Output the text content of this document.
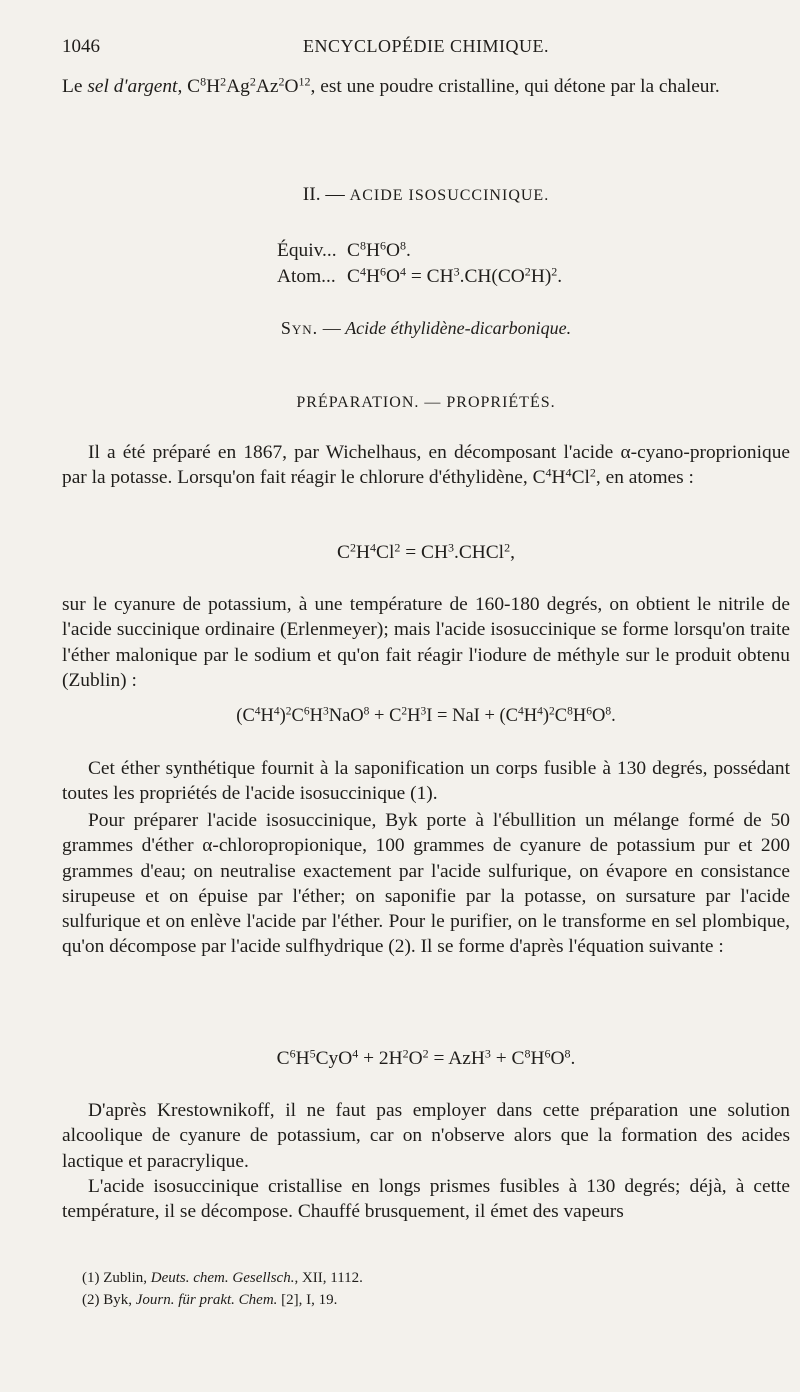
1046	ENCYCLOPÉDIE CHIMIQUE.
Le sel d'argent, $C^8H^2Ag^2Az^2O^{12}$, est une poudre cristalline, qui détone par la chaleur.
II. — ACIDE ISOSUCCINIQUE.
Équiv...	$C^8H^6O^8$.
Atom...	$C^4H^6O^4 = CH^3.CH(CO^2H)^2$.
Syn. — Acide éthylidène-dicarbonique.
PRÉPARATION. — PROPRIÉTÉS.
Il a été préparé en 1867, par Wichelhaus, en décomposant l'acide α-cyano-proprionique par la potasse. Lorsqu'on fait réagir le chlorure d'éthylidène, $C^4H^4Cl^2$, en atomes :
$C^2H^4Cl^2$ = $CH^3.CHCl^2$,
sur le cyanure de potassium, à une température de 160-180 degrés, on obtient le nitrile de l'acide succinique ordinaire (Erlenmeyer); mais l'acide isosuccinique se forme lorsqu'on traite l'éther malonique par le sodium et qu'on fait réagir l'iodure de méthyle sur le produit obtenu (Zublin) :
$(C^4H^4)^2C^6H^3NaO^8 + C^2H^3I$ = NaI + $(C^4H^4)^2C^8H^6O^8$.
Cet éther synthétique fournit à la saponification un corps fusible à 130 degrés, possédant toutes les propriétés de l'acide isosuccinique (1).
Pour préparer l'acide isosuccinique, Byk porte à l'ébullition un mélange formé de 50 grammes d'éther α-chloropropionique, 100 grammes de cyanure de potassium pur et 200 grammes d'eau; on neutralise exactement par l'acide sulfurique, on évapore en consistance sirupeuse et on épuise par l'éther; on saponifie par la potasse, on sursature par l'acide sulfurique et on enlève l'acide par l'éther. Pour le purifier, on le transforme en sel plombique, qu'on décompose par l'acide sulfhydrique (2). Il se forme d'après l'équation suivante :
$C^6H^5CyO^4 + 2H^2O^2 = AzH^3 + C^8H^6O^8$.
D'après Krestownikoff, il ne faut pas employer dans cette préparation une solution alcoolique de cyanure de potassium, car on n'observe alors que la formation des acides lactique et paracrylique.
L'acide isosuccinique cristallise en longs prismes fusibles à 130 degrés; déjà, à cette température, il se décompose. Chauffé brusquement, il émet des vapeurs
(1) Zublin, Deuts. chem. Gesellsch., XII, 1112.
(2) Byk, Journ. für prakt. Chem. [2], I, 19.
